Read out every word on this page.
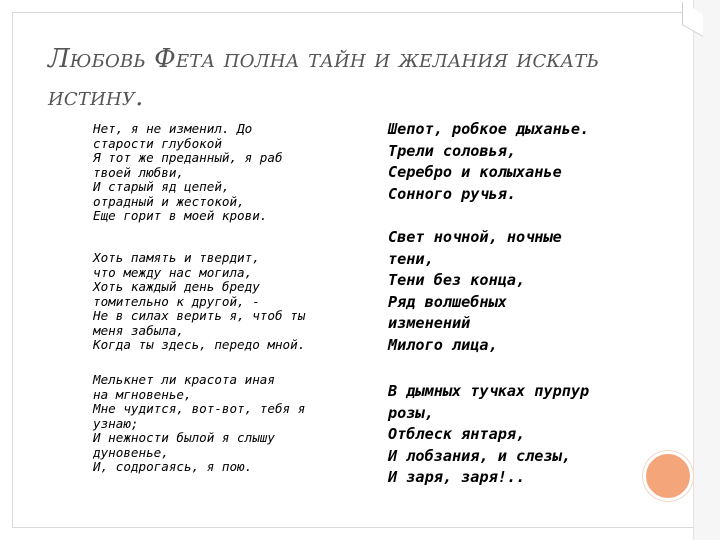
Любовь Фета полна тайн и желания искать истину.

Нет, я не изменил. До
старости глубокой
Я тот же преданный, я раб
твоей любви,
И старый яд цепей,
отрадный и жестокой,
Еще горит в моей крови.

Хоть память и твердит,
что между нас могила,
Хоть каждый день бреду
томительно к другой, -
Не в силах верить я, чтоб ты
меня забыла,
Когда ты здесь, передо мной.

Мелькнет ли красота иная
на мгновенье,
Мне чудится, вот-вот, тебя я
узнаю;
И нежности былой я слышу
дуновенье,
И, содрогаясь, я пою.

Шепот, робкое дыханье.
Трели соловья,
Серебро и колыханье
Сонного ручья.

Свет ночной, ночные
тени,
Тени без конца,
Ряд волшебных
изменений
Милого лица,

В дымных тучках пурпур
розы,
Отблеск янтаря,
И лобзания, и слезы,
И заря, заря!..
